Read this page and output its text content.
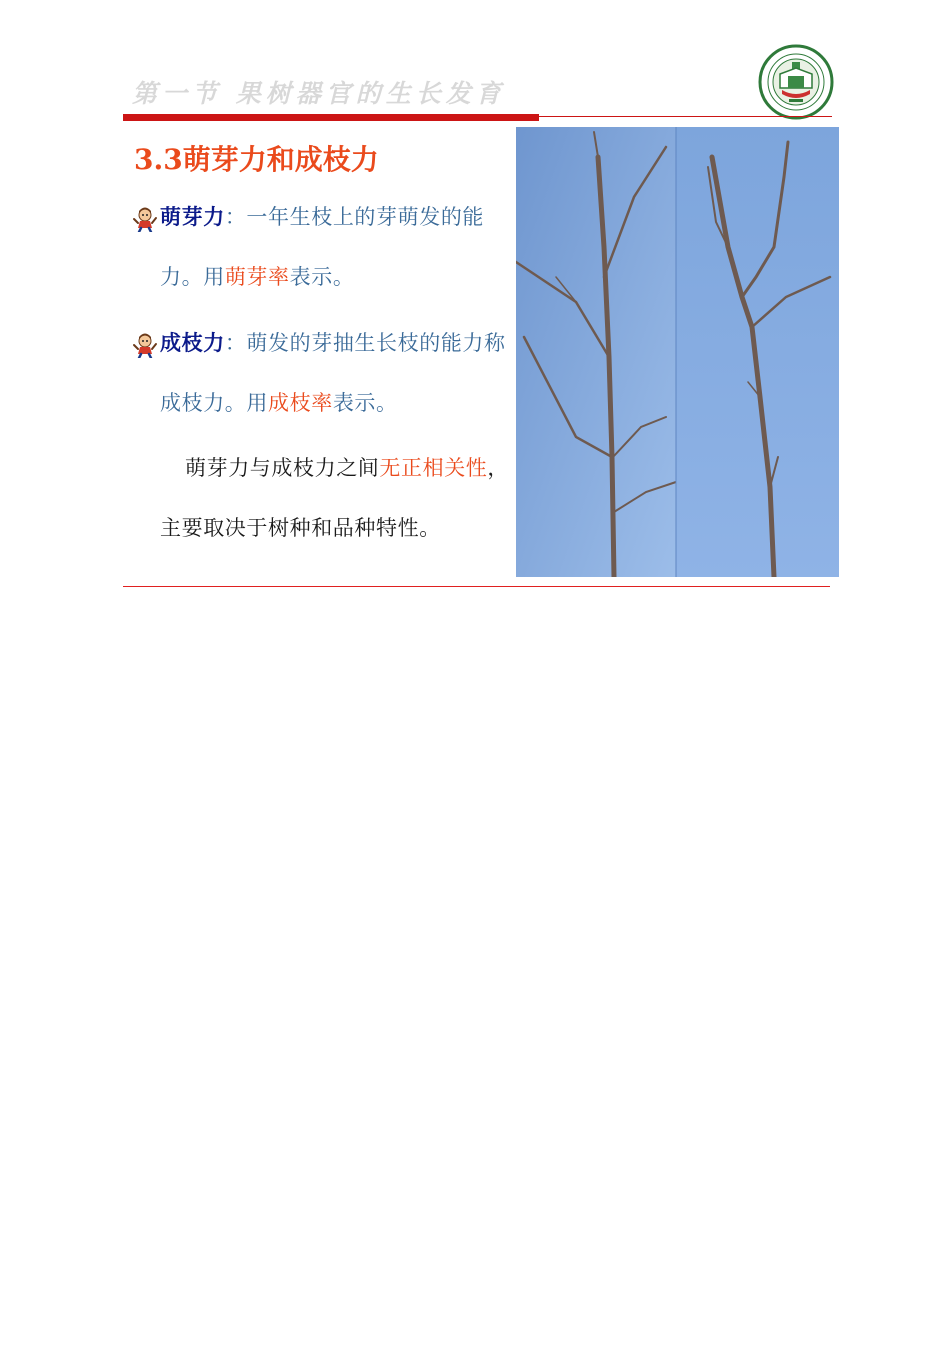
第一节 果树器官的生长发育
3.3萌芽力和成枝力
萌芽力：一年生枝上的芽萌发的能力。用萌芽率表示。
成枝力：萌发的芽抽生长枝的能力称成枝力。用成枝率表示。
萌芽力与成枝力之间无正相关性，主要取决于树种和品种特性。
